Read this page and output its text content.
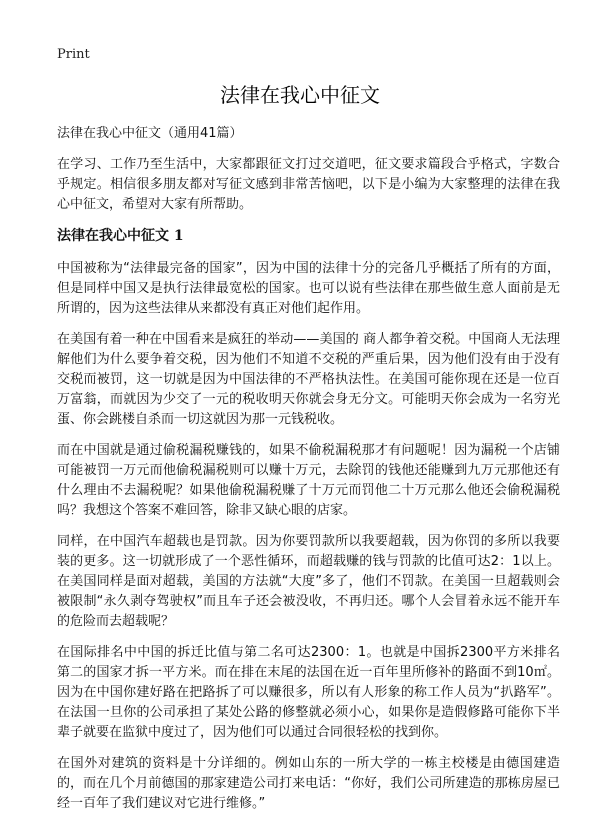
Print
法律在我心中征文
法律在我心中征文（通用41篇）
在学习、工作乃至生活中，大家都跟征文打过交道吧，征文要求篇段合乎格式，字数合乎规定。相信很多朋友都对写征文感到非常苦恼吧，以下是小编为大家整理的法律在我心中征文，希望对大家有所帮助。
法律在我心中征文 1
中国被称为“法律最完备的国家”，因为中国的法律十分的完备几乎概括了所有的方面，但是同样中国又是执行法律最宽松的国家。也可以说有些法律在那些做生意人面前是无所谓的，因为这些法律从来都没有真正对他们起作用。
在美国有着一种在中国看来是疯狂的举动——美国的 商人都争着交税。中国商人无法理解他们为什么要争着交税，因为他们不知道不交税的严重后果，因为他们没有由于没有交税而被罚，这一切就是因为中国法律的不严格执法性。在美国可能你现在还是一位百万富翁，而就因为少交了一元的税收明天你就会身无分文。可能明天你会成为一名穷光蛋、你会跳楼自杀而一切这就因为那一元钱税收。
而在中国就是通过偷税漏税赚钱的，如果不偷税漏税那才有问题呢！因为漏税一个店铺可能被罚一万元而他偷税漏税则可以赚十万元，去除罚的钱他还能赚到九万元那他还有什么理由不去漏税呢？如果他偷税漏税赚了十万元而罚他二十万元那么他还会偷税漏税吗？我想这个答案不难回答，除非又缺心眼的店家。
同样，在中国汽车超载也是罚款。因为你要罚款所以我要超载，因为你罚的多所以我要装的更多。这一切就形成了一个恶性循环，而超载赚的钱与罚款的比值可达2：1以上。在美国同样是面对超载，美国的方法就“大度”多了，他们不罚款。在美国一旦超载则会被限制“永久剥夺驾驶权”而且车子还会被没收，不再归还。哪个人会冒着永远不能开车的危险而去超载呢？
在国际排名中中国的拆迁比值与第二名可达2300：1。也就是中国拆2300平方米排名第二的国家才拆一平方米。而在排在末尾的法国在近一百年里所修补的路面不到10㎡。因为在中国你建好路在把路拆了可以赚很多，所以有人形象的称工作人员为“扒路军”。在法国一旦你的公司承担了某处公路的修整就必须小心，如果你是造假修路可能你下半辈子就要在监狱中度过了，因为他们可以通过合同很轻松的找到你。
在国外对建筑的资料是十分详细的。例如山东的一所大学的一栋主校楼是由德国建造的，而在几个月前德国的那家建造公司打来电话：“你好，我们公司所建造的那栋房屋已经一百年了我们建议对它进行维修。”
